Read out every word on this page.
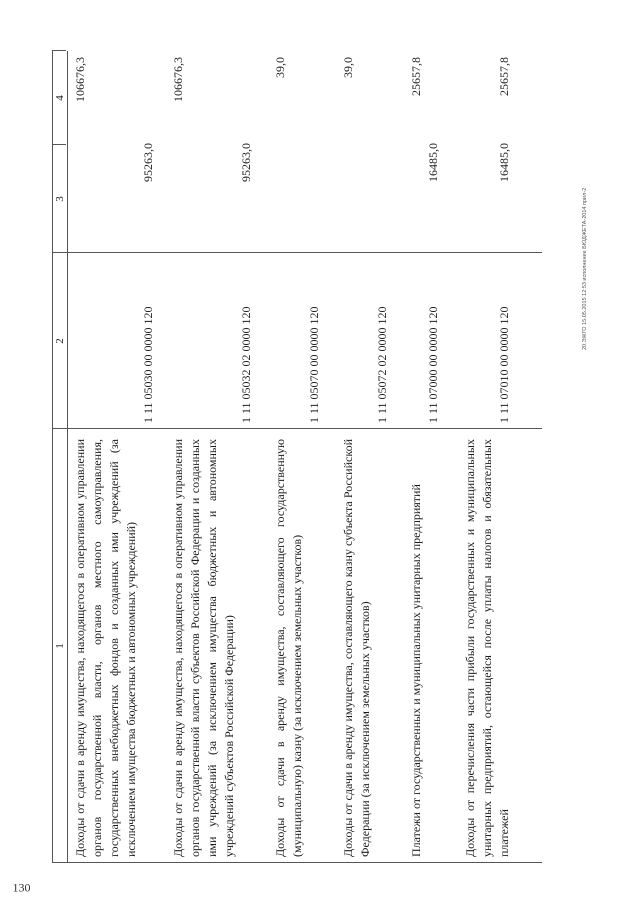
130
1
2
3
4
Доходы от сдачи в аренду имущества, находящегося в оперативном управлении органов государственной власти, органов местного самоуправления, государственных внебюджетных фондов и созданных ими учреждений (за исключением имущества бюджетных и автономных учреждений)
1 11 05030 00 0000 120
95263,0
106676,3
Доходы от сдачи в аренду имущества, находящегося в оперативном управлении органов государственной власти субъектов Российской Федерации и созданных ими учреждений (за исключением имущества бюджетных и автономных учреждений субъектов Российской Федерации)
1 11 05032 02 0000 120
95263,0
106676,3
Доходы от сдачи в аренду имущества, составляющего государственную (муниципальную) казну (за исключением земельных участков)
1 11 05070 00 0000 120
39,0
Доходы от сдачи в аренду имущества, составляющего казну субъекта Российской Федерации (за исключением земельных участков)
1 11 05072 02 0000 120
39,0
Платежи от государственных и муниципальных унитарных предприятий
1 11 07000 00 0000 120
16485,0
25657,8
Доходы от перечисления части прибыли государственных и муниципальных унитарных предприятий, остающейся после уплаты налогов и обязательных платежей
1 11 07010 00 0000 120
16485,0
25657,8
20.ЭЖГО 15.05.2015 12:53 исполнение БЮДЖЕТА-2014 прил-2
